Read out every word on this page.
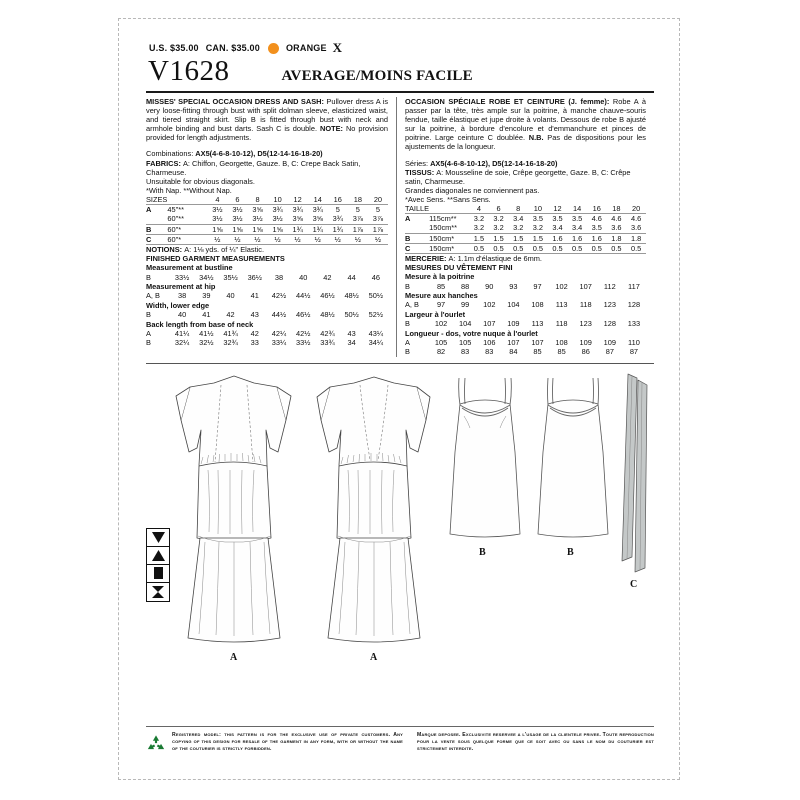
U.S. $35.00 CAN. $35.00	ORANGE X
V1628	AVERAGE/MOINS FACILE
MISSES' SPECIAL OCCASION DRESS AND SASH: Pullover dress A is very loose-fitting through bust with split dolman sleeve, elasticized waist, and tiered straight skirt. Slip B is fitted through bust with neck and armhole binding and bust darts. Sash C is double. NOTE: No provision provided for length adjustments.
Combinations: AX5(4-6-8-10-12), D5(12-14-16-18-20)
FABRICS: A: Chiffon, Georgette, Gauze. B, C: Crepe Back Satin, Charmeuse.
Unsuitable for obvious diagonals.
*With Nap. **Without Nap.
SIZES		4	6	8	10	12	14	16	18	20
A	45"**	3½	3½	3⅝	3¾	3¾	3¾	5	5	5
	60"**	3½	3½	3½	3½	3⅝	3⅝	3¾	3⅞	3⅞
B	60"*	1⅝	1⅝	1⅝	1⅝	1¾	1¾	1¾	1⅞	1⅞
C	60"*	½	½	½	½	½	½	½	½	½
NOTIONS: A: 1⅛ yds. of ¼" Elastic.
FINISHED GARMENT MEASUREMENTS
Measurement at bustline									
B	33½	34½	35½	36½	38	40	42	44	46
Measurement at hip									
A, B	38	39	40	41	42½	44½	46½	48½	50½
Width, lower edge									
B	40	41	42	43	44½	46½	48½	50½	52½
Back length from base of neck									
A	41¼	41½	41¾	42	42¼	42½	42¾	43	43¼
B	32¼	32½	32¾	33	33¼	33½	33¾	34	34¼
OCCASION SPÉCIALE ROBE ET CEINTURE (J. femme): Robe A à passer par la tête, très ample sur la poitrine, à manche chauve-souris fendue, taille élastique et jupe droite à volants. Dessous de robe B ajusté sur la poitrine, à bordure d'encolure et d'emmanchure et pinces de poitrine. Large ceinture C doublée. N.B. Pas de dispositions pour les ajustements de la longueur.
Séries: AX5(4-6-8-10-12), D5(12-14-16-18-20)
TISSUS: A: Mousseline de soie, Crêpe georgette, Gaze. B, C: Crêpe satin, Charmeuse.
Grandes diagonales ne conviennent pas.
*Avec Sens. **Sans Sens.
TAILLE		4	6	8	10	12	14	16	18	20
A	115cm**	3.2	3.2	3.4	3.5	3.5	3.5	4.6	4.6	4.6
	150cm**	3.2	3.2	3.2	3.2	3.4	3.4	3.5	3.6	3.6
B	150cm*	1.5	1.5	1.5	1.5	1.6	1.6	1.6	1.8	1.8
C	150cm*	0.5	0.5	0.5	0.5	0.5	0.5	0.5	0.5	0.5
MERCERIE: A: 1.1m d'élastique de 6mm.
MESURES DU VÊTEMENT FINI
Mesure à la poitrine									
B	85	88	90	93	97	102	107	112	117
Mesure aux hanches									
A, B	97	99	102	104	108	113	118	123	128
Largeur à l'ourlet									
B	102	104	107	109	113	118	123	128	133
Longueur - dos, votre nuque à l'ourlet									
A	105	105	106	107	107	108	109	109	110
B	82	83	83	84	85	85	86	87	87
A	A
B	B
C
Registered model: this pattern is for the exclusive use of private customers. Any copying of this design for resale of the garment in any form, with or without the name of the couturier is strictly forbidden.
Marque deposee. Exclusivite reservee a l'usage de la clientele privee. Toute reproduction pour la vente sous quelque forme que ce soit avec ou sans le nom du couturier est strictement interdite.
